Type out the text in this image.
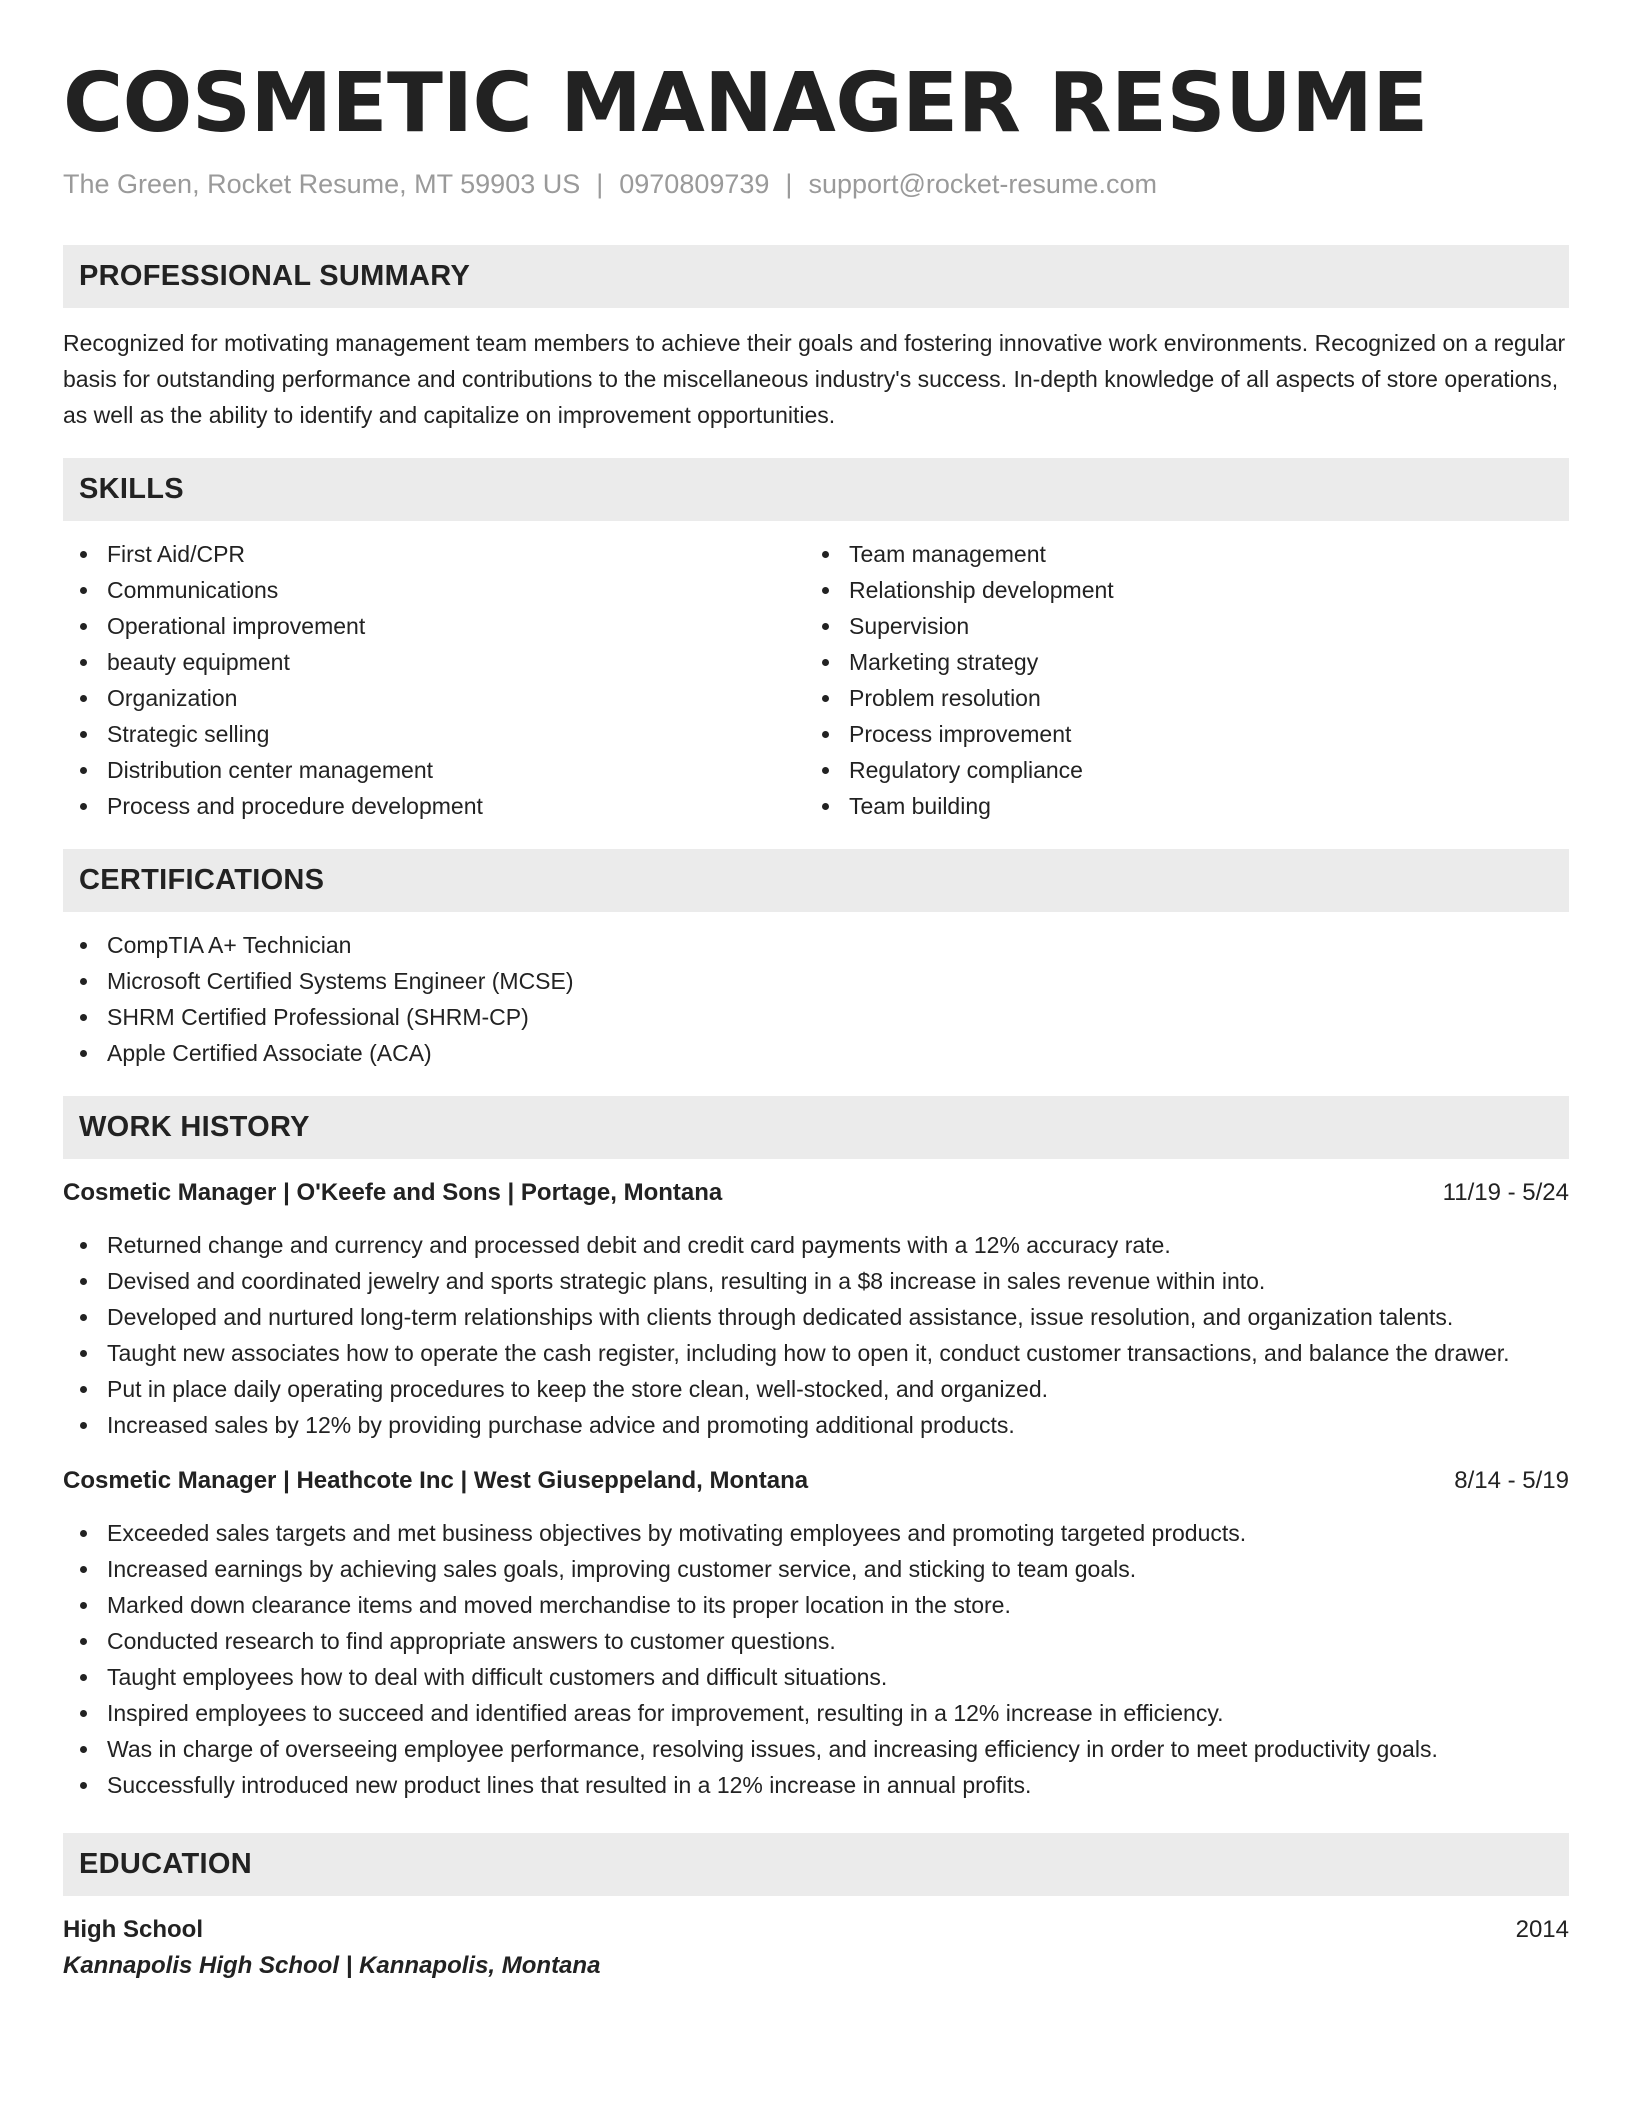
COSMETIC MANAGER RESUME
The Green, Rocket Resume, MT 59903 US | 0970809739 | support@rocket-resume.com
PROFESSIONAL SUMMARY

Recognized for motivating management team members to achieve their goals and fostering innovative work environments. Recognized on a regular basis for outstanding performance and contributions to the miscellaneous industry's success. In-depth knowledge of all aspects of store operations, as well as the ability to identify and capitalize on improvement opportunities.

SKILLS
First Aid/CPR
Communications
Operational improvement
beauty equipment
Organization
Strategic selling
Distribution center management
Process and procedure development
Team management
Relationship development
Supervision
Marketing strategy
Problem resolution
Process improvement
Regulatory compliance
Team building
CERTIFICATIONS
CompTIA A+ Technician
Microsoft Certified Systems Engineer (MCSE)
SHRM Certified Professional (SHRM-CP)
Apple Certified Associate (ACA)
WORK HISTORY
Cosmetic Manager | O'Keefe and Sons | Portage, Montana	11/19 - 5/24
Returned change and currency and processed debit and credit card payments with a 12% accuracy rate.
Devised and coordinated jewelry and sports strategic plans, resulting in a $8 increase in sales revenue within into.
Developed and nurtured long-term relationships with clients through dedicated assistance, issue resolution, and organization talents.
Taught new associates how to operate the cash register, including how to open it, conduct customer transactions, and balance the drawer.
Put in place daily operating procedures to keep the store clean, well-stocked, and organized.
Increased sales by 12% by providing purchase advice and promoting additional products.
Cosmetic Manager | Heathcote Inc | West Giuseppeland, Montana	8/14 - 5/19
Exceeded sales targets and met business objectives by motivating employees and promoting targeted products.
Increased earnings by achieving sales goals, improving customer service, and sticking to team goals.
Marked down clearance items and moved merchandise to its proper location in the store.
Conducted research to find appropriate answers to customer questions.
Taught employees how to deal with difficult customers and difficult situations.
Inspired employees to succeed and identified areas for improvement, resulting in a 12% increase in efficiency.
Was in charge of overseeing employee performance, resolving issues, and increasing efficiency in order to meet productivity goals.
Successfully introduced new product lines that resulted in a 12% increase in annual profits.
EDUCATION
High School	2014
Kannapolis High School | Kannapolis, Montana
